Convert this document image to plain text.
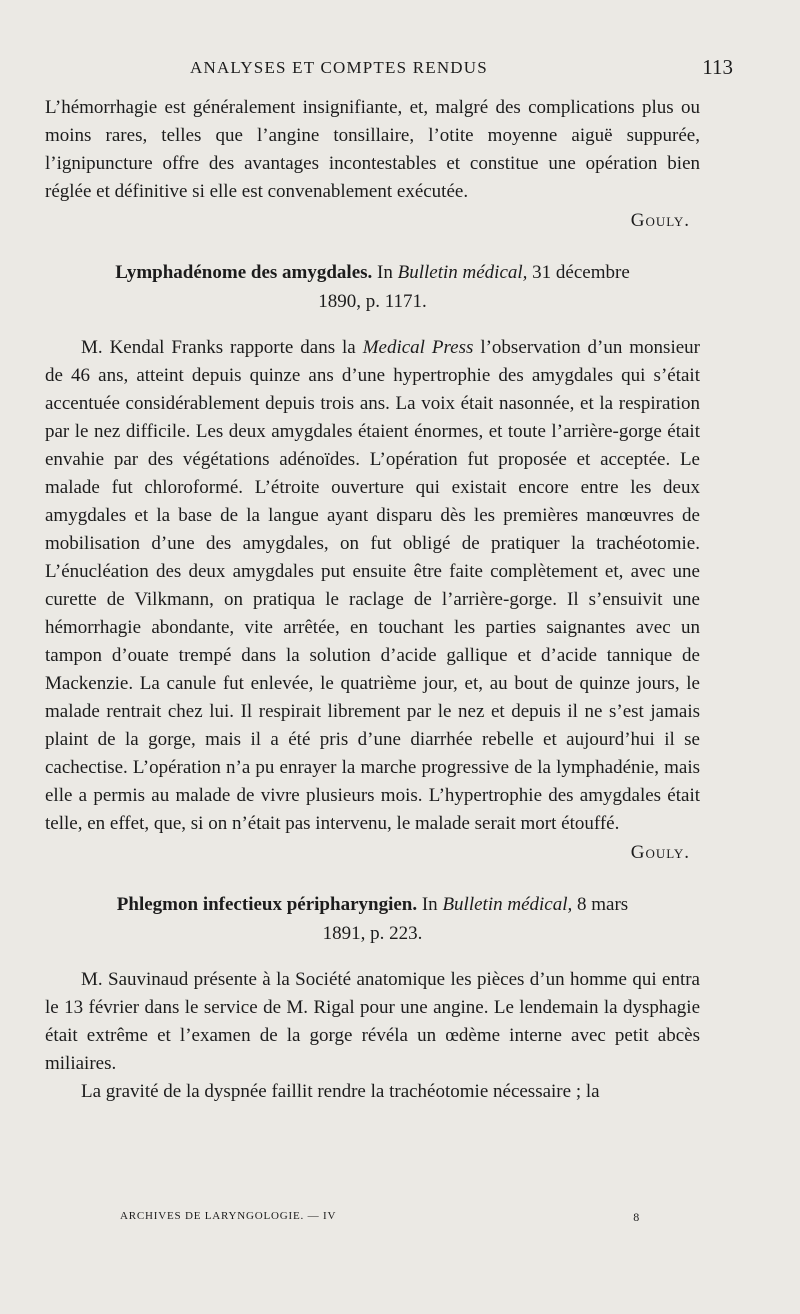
ANALYSES ET COMPTES RENDUS	113

L’hémorrhagie est généralement insignifiante, et, malgré des complications plus ou moins rares, telles que l’angine tonsillaire, l’otite moyenne aiguë suppurée, l’ignipuncture offre des avantages incontestables et constitue une opération bien réglée et définitive si elle est convenablement exécutée.

Gouly.

Lymphadénome des amygdales. In Bulletin médical, 31 décembre
1890, p. 1171.

M. Kendal Franks rapporte dans la Medical Press l’observation d’un monsieur de 46 ans, atteint depuis quinze ans d’une hypertrophie des amygdales qui s’était accentuée considérablement depuis trois ans. La voix était nasonnée, et la respiration par le nez difficile. Les deux amygdales étaient énormes, et toute l’arrière-gorge était envahie par des végétations adénoïdes. L’opération fut proposée et acceptée. Le malade fut chloroformé. L’étroite ouverture qui existait encore entre les deux amygdales et la base de la langue ayant disparu dès les premières manœuvres de mobilisation d’une des amygdales, on fut obligé de pratiquer la trachéotomie. L’énucléation des deux amygdales put ensuite être faite complètement et, avec une curette de Vilkmann, on pratiqua le raclage de l’arrière-gorge. Il s’ensuivit une hémorrhagie abondante, vite arrêtée, en touchant les parties saignantes avec un tampon d’ouate trempé dans la solution d’acide gallique et d’acide tannique de Mackenzie. La canule fut enlevée, le quatrième jour, et, au bout de quinze jours, le malade rentrait chez lui. Il respirait librement par le nez et depuis il ne s’est jamais plaint de la gorge, mais il a été pris d’une diarrhée rebelle et aujourd’hui il se cachectise. L’opération n’a pu enrayer la marche progressive de la lymphadénie, mais elle a permis au malade de vivre plusieurs mois. L’hypertrophie des amygdales était telle, en effet, que, si on n’était pas intervenu, le malade serait mort étouffé.

Gouly.

Phlegmon infectieux péripharyngien. In Bulletin médical, 8 mars
1891, p. 223.

M. Sauvinaud présente à la Société anatomique les pièces d’un homme qui entra le 13 février dans le service de M. Rigal pour une angine. Le lendemain la dysphagie était extrême et l’examen de la gorge révéla un œdème interne avec petit abcès miliaires.

La gravité de la dyspnée faillit rendre la trachéotomie nécessaire ; la

ARCHIVES DE LARYNGOLOGIE. — IV	8
